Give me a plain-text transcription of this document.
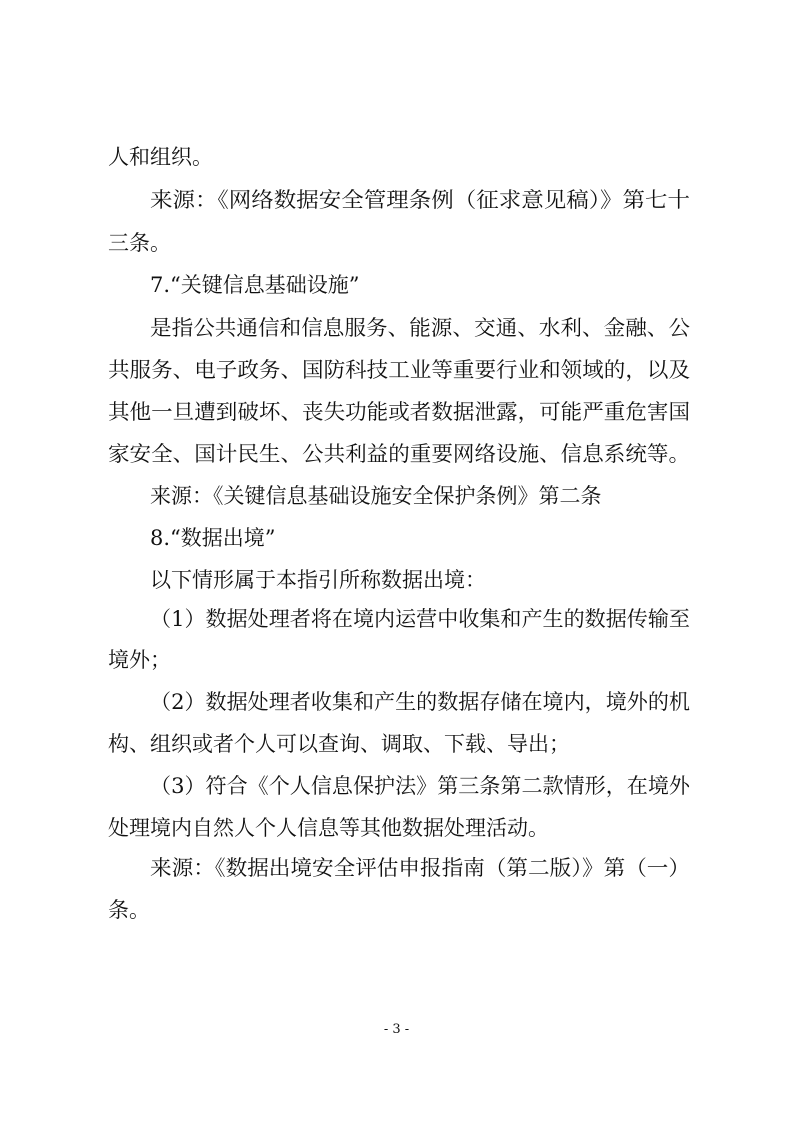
人和组织。
来源：《网络数据安全管理条例（征求意见稿）》第七十
三条。
7.“关键信息基础设施”
是指公共通信和信息服务、能源、交通、水利、金融、公
共服务、电子政务、国防科技工业等重要行业和领域的，以及
其他一旦遭到破坏、丧失功能或者数据泄露，可能严重危害国
家安全、国计民生、公共利益的重要网络设施、信息系统等。
来源：《关键信息基础设施安全保护条例》第二条
8.“数据出境”
以下情形属于本指引所称数据出境：
（1）数据处理者将在境内运营中收集和产生的数据传输至
境外；
（2）数据处理者收集和产生的数据存储在境内，境外的机
构、组织或者个人可以查询、调取、下载、导出；
（3）符合《个人信息保护法》第三条第二款情形，在境外
处理境内自然人个人信息等其他数据处理活动。
来源：《数据出境安全评估申报指南（第二版）》第（一）
条。
- 3 -
